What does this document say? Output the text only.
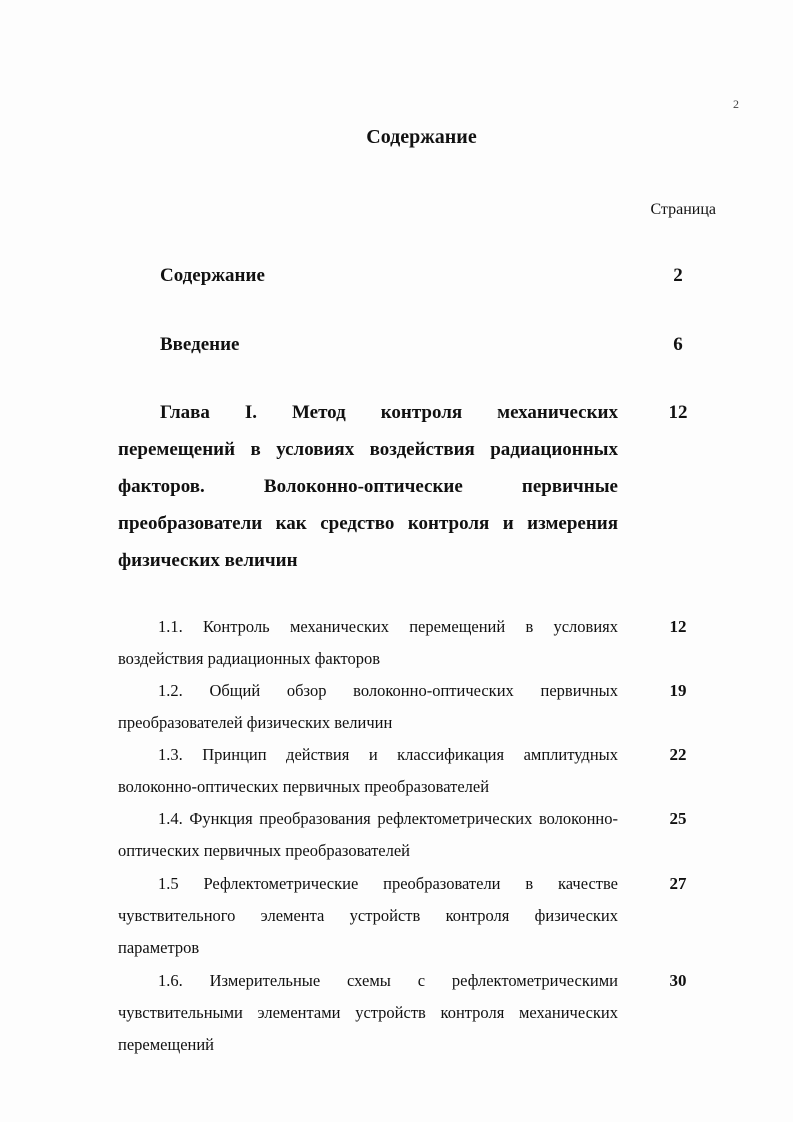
2
Содержание
Страница
Содержание	2
Введение	6
Глава I. Метод контроля механических перемещений в условиях воздействия радиационных факторов. Волоконно-оптические первичные преобразователи как средство контроля и измерения физических величин
12
1.1. Контроль механических перемещений в условиях воздействия радиационных факторов
12
1.2. Общий обзор волоконно-оптических первичных преобразователей физических величин
19
1.3. Принцип действия и классификация амплитудных волоконно-оптических первичных преобразователей
22
1.4. Функция преобразования рефлектометрических волоконно-оптических первичных преобразователей
25
1.5 Рефлектометрические преобразователи в качестве чувствительного элемента устройств контроля физических параметров
27
1.6. Измерительные схемы с рефлектометрическими чувствительными элементами устройств контроля механических перемещений
30
